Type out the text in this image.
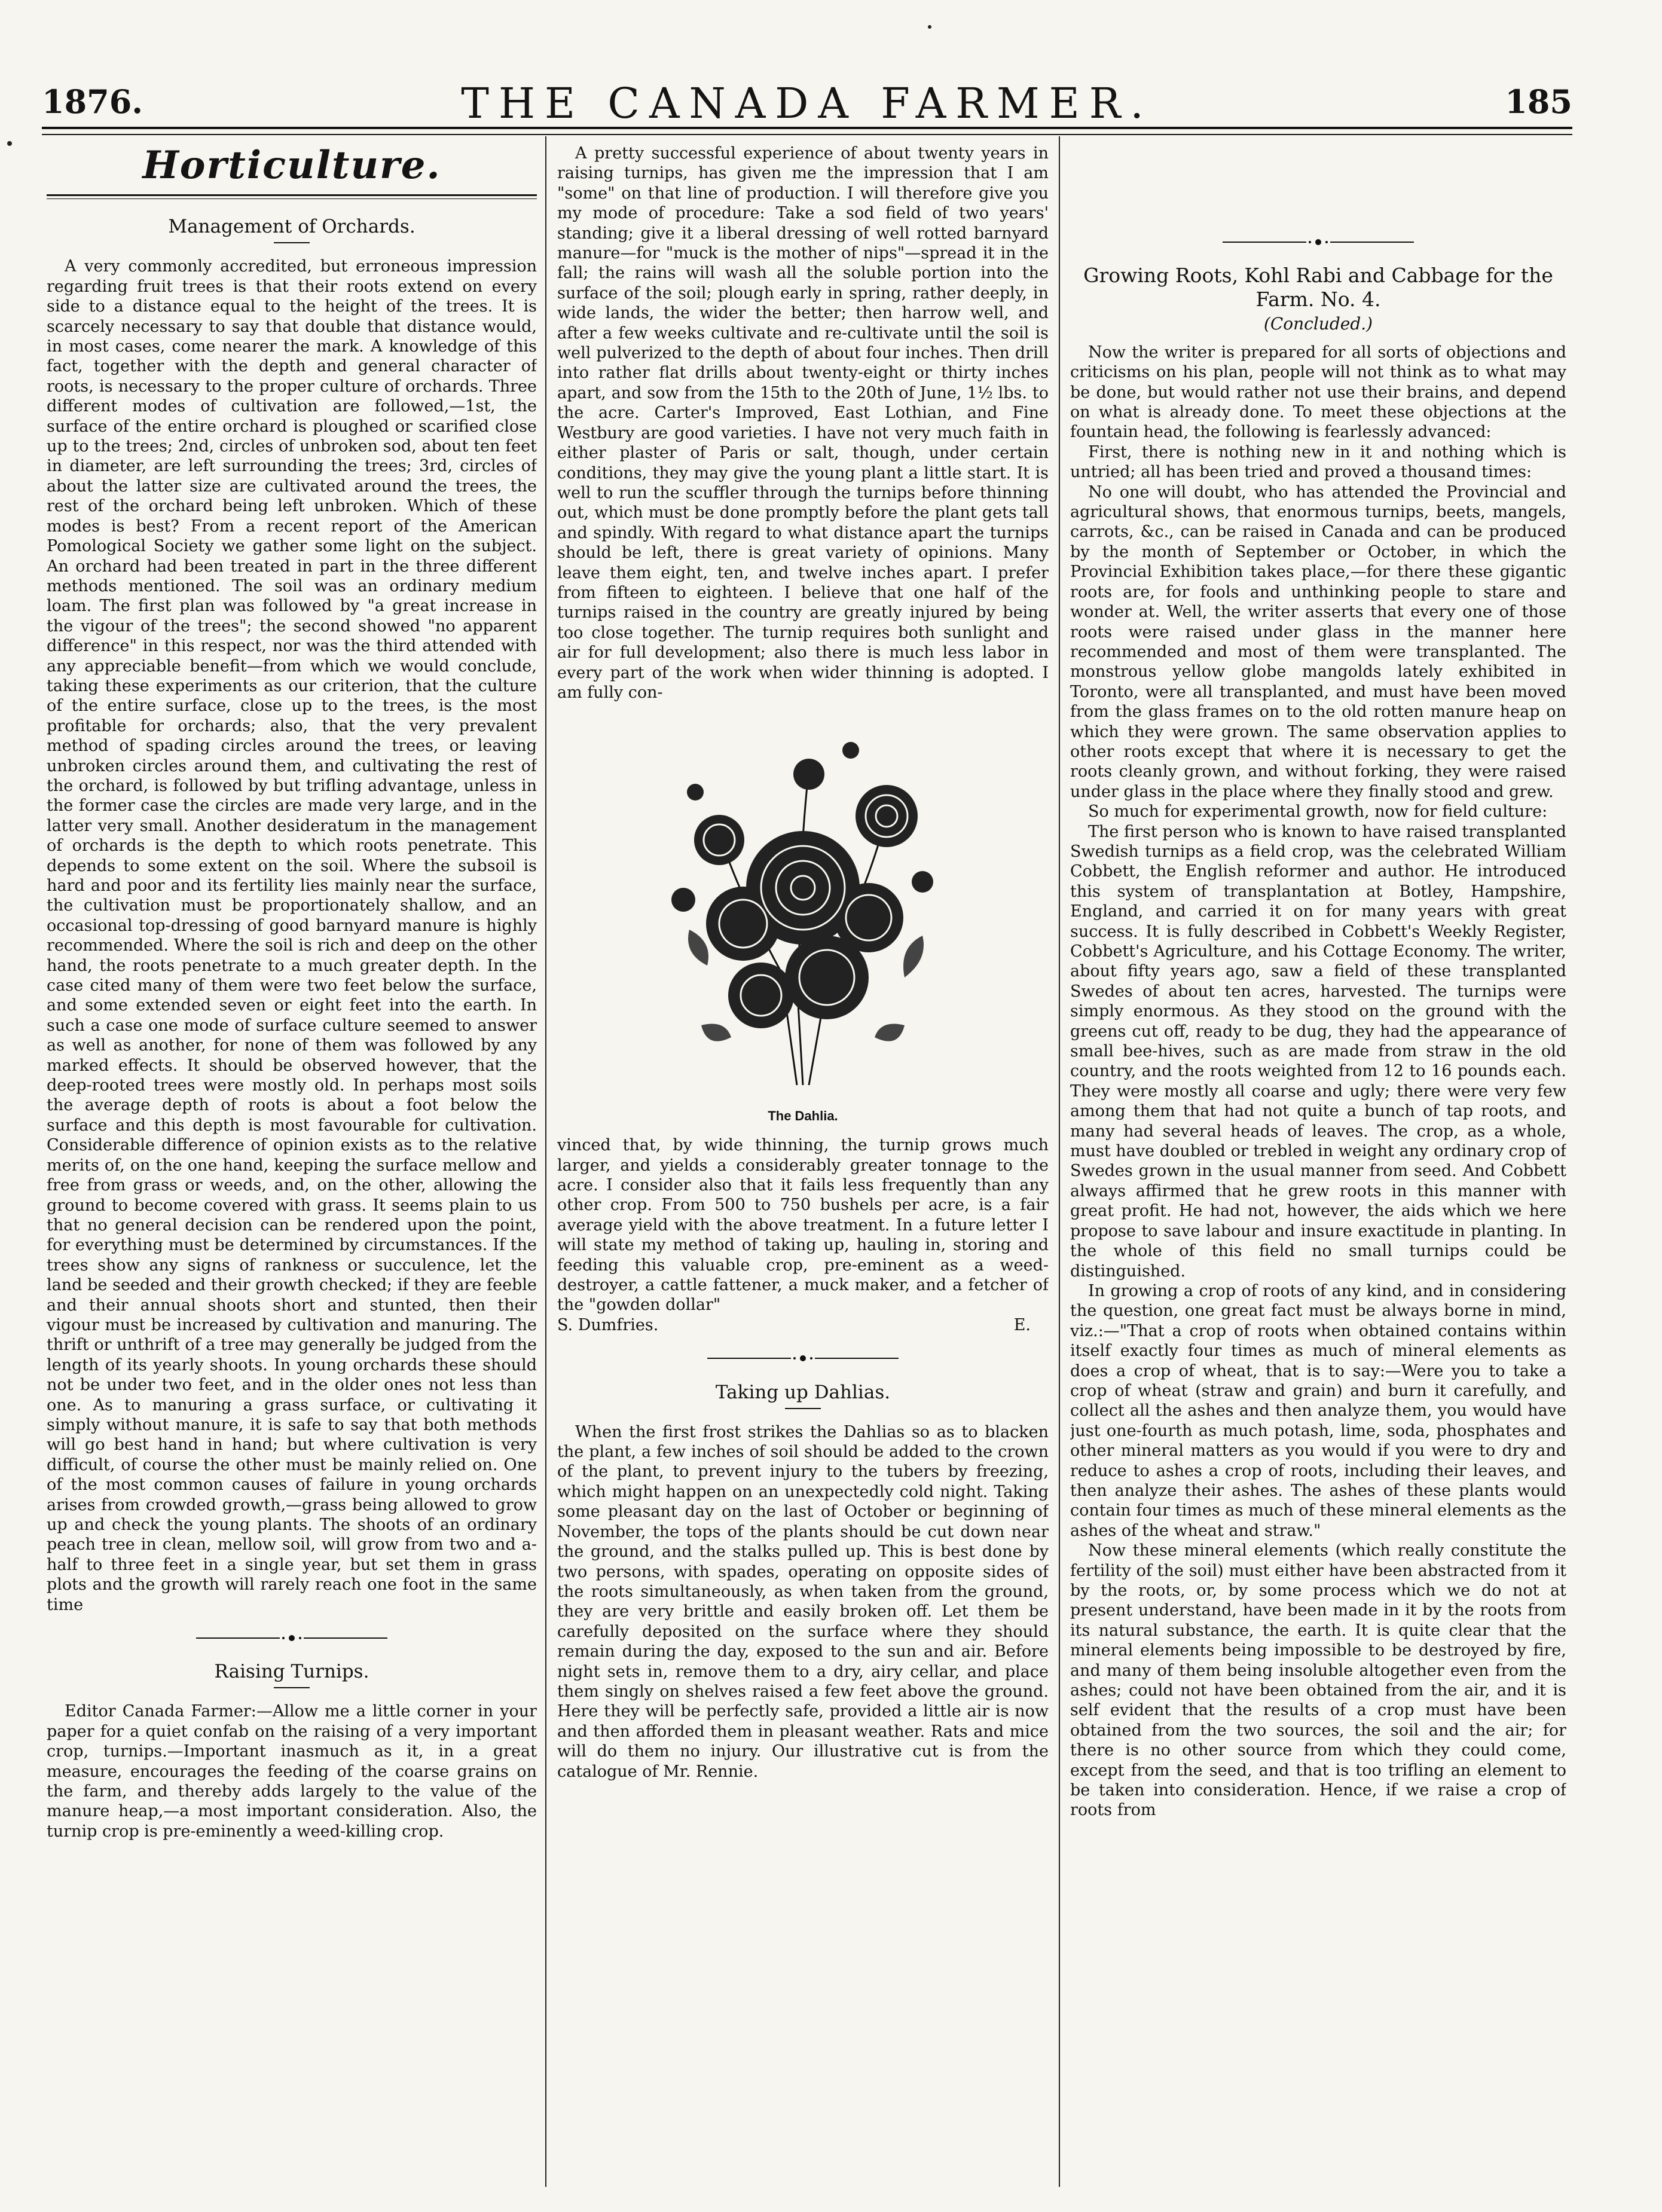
1876.	THE CANADA FARMER.	185
Horticulture.
Management of Orchards.

A very commonly accredited, but erroneous impression regarding fruit trees is that their roots extend on every side to a distance equal to the height of the trees. It is scarcely necessary to say that double that distance would, in most cases, come nearer the mark. A knowledge of this fact, together with the depth and general character of roots, is necessary to the proper culture of orchards. Three different modes of cultivation are followed,—1st, the surface of the entire orchard is ploughed or scarified close up to the trees; 2nd, circles of unbroken sod, about ten feet in diameter, are left surrounding the trees; 3rd, circles of about the latter size are cultivated around the trees, the rest of the orchard being left unbroken. Which of these modes is best? From a recent report of the American Pomological Society we gather some light on the subject. An orchard had been treated in part in the three different methods mentioned. The soil was an ordinary medium loam. The first plan was followed by "a great increase in the vigour of the trees"; the second showed "no apparent difference" in this respect, nor was the third attended with any appreciable benefit—from which we would conclude, taking these experiments as our criterion, that the culture of the entire surface, close up to the trees, is the most profitable for orchards; also, that the very prevalent method of spading circles around the trees, or leaving unbroken circles around them, and cultivating the rest of the orchard, is followed by but trifling advantage, unless in the former case the circles are made very large, and in the latter very small. Another desideratum in the management of orchards is the depth to which roots penetrate. This depends to some extent on the soil. Where the subsoil is hard and poor and its fertility lies mainly near the surface, the cultivation must be proportionately shallow, and an occasional top-dressing of good barnyard manure is highly recommended. Where the soil is rich and deep on the other hand, the roots penetrate to a much greater depth. In the case cited many of them were two feet below the surface, and some extended seven or eight feet into the earth. In such a case one mode of surface culture seemed to answer as well as another, for none of them was followed by any marked effects. It should be observed however, that the deep-rooted trees were mostly old. In perhaps most soils the average depth of roots is about a foot below the surface and this depth is most favourable for cultivation. Considerable difference of opinion exists as to the relative merits of, on the one hand, keeping the surface mellow and free from grass or weeds, and, on the other, allowing the ground to become covered with grass. It seems plain to us that no general decision can be rendered upon the point, for everything must be determined by circumstances. If the trees show any signs of rankness or succulence, let the land be seeded and their growth checked; if they are feeble and their annual shoots short and stunted, then their vigour must be increased by cultivation and manuring. The thrift or unthrift of a tree may generally be judged from the length of its yearly shoots. In young orchards these should not be under two feet, and in the older ones not less than one. As to manuring a grass surface, or cultivating it simply without manure, it is safe to say that both methods will go best hand in hand; but where cultivation is very difficult, of course the other must be mainly relied on. One of the most common causes of failure in young orchards arises from crowded growth,—grass being allowed to grow up and check the young plants. The shoots of an ordinary peach tree in clean, mellow soil, will grow from two and a-half to three feet in a single year, but set them in grass plots and the growth will rarely reach one foot in the same time

Raising Turnips.

Editor Canada Farmer:—Allow me a little corner in your paper for a quiet confab on the raising of a very important crop, turnips.—Important inasmuch as it, in a great measure, encourages the feeding of the coarse grains on the farm, and thereby adds largely to the value of the manure heap,—a most important consideration. Also, the turnip crop is pre-eminently a weed-killing crop.

A pretty successful experience of about twenty years in raising turnips, has given me the impression that I am "some" on that line of production. I will therefore give you my mode of procedure: Take a sod field of two years' standing; give it a liberal dressing of well rotted barnyard manure—for "muck is the mother of nips"—spread it in the fall; the rains will wash all the soluble portion into the surface of the soil; plough early in spring, rather deeply, in wide lands, the wider the better; then harrow well, and after a few weeks cultivate and re-cultivate until the soil is well pulverized to the depth of about four inches. Then drill into rather flat drills about twenty-eight or thirty inches apart, and sow from the 15th to the 20th of June, 1½ lbs. to the acre. Carter's Improved, East Lothian, and Fine Westbury are good varieties. I have not very much faith in either plaster of Paris or salt, though, under certain conditions, they may give the young plant a little start. It is well to run the scuffler through the turnips before thinning out, which must be done promptly before the plant gets tall and spindly. With regard to what distance apart the turnips should be left, there is great variety of opinions. Many leave them eight, ten, and twelve inches apart. I prefer from fifteen to eighteen. I believe that one half of the turnips raised in the country are greatly injured by being too close together. The turnip requires both sunlight and air for full development; also there is much less labor in every part of the work when wider thinning is adopted. I am fully con-

The Dahlia.

vinced that, by wide thinning, the turnip grows much larger, and yields a considerably greater tonnage to the acre. I consider also that it fails less frequently than any other crop. From 500 to 750 bushels per acre, is a fair average yield with the above treatment. In a future letter I will state my method of taking up, hauling in, storing and feeding this valuable crop, pre-eminent as a weed-destroyer, a cattle fattener, a muck maker, and a fetcher of the "gowden dollar"

S. Dumfries.	E.
Taking up Dahlias.

When the first frost strikes the Dahlias so as to blacken the plant, a few inches of soil should be added to the crown of the plant, to prevent injury to the tubers by freezing, which might happen on an unexpectedly cold night. Taking some pleasant day on the last of October or beginning of November, the tops of the plants should be cut down near the ground, and the stalks pulled up. This is best done by two persons, with spades, operating on opposite sides of the roots simultaneously, as when taken from the ground, they are very brittle and easily broken off. Let them be carefully deposited on the surface where they should remain during the day, exposed to the sun and air. Before night sets in, remove them to a dry, airy cellar, and place them singly on shelves raised a few feet above the ground. Here they will be perfectly safe, provided a little air is now and then afforded them in pleasant weather. Rats and mice will do them no injury. Our illustrative cut is from the catalogue of Mr. Rennie.

Growing Roots, Kohl Rabi and Cabbage for the Farm. No. 4.
(Concluded.)

Now the writer is prepared for all sorts of objections and criticisms on his plan, people will not think as to what may be done, but would rather not use their brains, and depend on what is already done. To meet these objections at the fountain head, the following is fearlessly advanced:

First, there is nothing new in it and nothing which is untried; all has been tried and proved a thousand times:

No one will doubt, who has attended the Provincial and agricultural shows, that enormous turnips, beets, mangels, carrots, &c., can be raised in Canada and can be produced by the month of September or October, in which the Provincial Exhibition takes place,—for there these gigantic roots are, for fools and unthinking people to stare and wonder at. Well, the writer asserts that every one of those roots were raised under glass in the manner here recommended and most of them were transplanted. The monstrous yellow globe mangolds lately exhibited in Toronto, were all transplanted, and must have been moved from the glass frames on to the old rotten manure heap on which they were grown. The same observation applies to other roots except that where it is necessary to get the roots cleanly grown, and without forking, they were raised under glass in the place where they finally stood and grew.

So much for experimental growth, now for field culture:

The first person who is known to have raised transplanted Swedish turnips as a field crop, was the celebrated William Cobbett, the English reformer and author. He introduced this system of transplantation at Botley, Hampshire, England, and carried it on for many years with great success. It is fully described in Cobbett's Weekly Register, Cobbett's Agriculture, and his Cottage Economy. The writer, about fifty years ago, saw a field of these transplanted Swedes of about ten acres, harvested. The turnips were simply enormous. As they stood on the ground with the greens cut off, ready to be dug, they had the appearance of small bee-hives, such as are made from straw in the old country, and the roots weighted from 12 to 16 pounds each. They were mostly all coarse and ugly; there were very few among them that had not quite a bunch of tap roots, and many had several heads of leaves. The crop, as a whole, must have doubled or trebled in weight any ordinary crop of Swedes grown in the usual manner from seed. And Cobbett always affirmed that he grew roots in this manner with great profit. He had not, however, the aids which we here propose to save labour and insure exactitude in planting. In the whole of this field no small turnips could be distinguished.

In growing a crop of roots of any kind, and in considering the question, one great fact must be always borne in mind, viz.:—"That a crop of roots when obtained contains within itself exactly four times as much of mineral elements as does a crop of wheat, that is to say:—Were you to take a crop of wheat (straw and grain) and burn it carefully, and collect all the ashes and then analyze them, you would have just one-fourth as much potash, lime, soda, phosphates and other mineral matters as you would if you were to dry and reduce to ashes a crop of roots, including their leaves, and then analyze their ashes. The ashes of these plants would contain four times as much of these mineral elements as the ashes of the wheat and straw."

Now these mineral elements (which really constitute the fertility of the soil) must either have been abstracted from it by the roots, or, by some process which we do not at present understand, have been made in it by the roots from its natural substance, the earth. It is quite clear that the mineral elements being impossible to be destroyed by fire, and many of them being insoluble altogether even from the ashes; could not have been obtained from the air, and it is self evident that the results of a crop must have been obtained from the two sources, the soil and the air; for there is no other source from which they could come, except from the seed, and that is too trifling an element to be taken into consideration. Hence, if we raise a crop of roots from
